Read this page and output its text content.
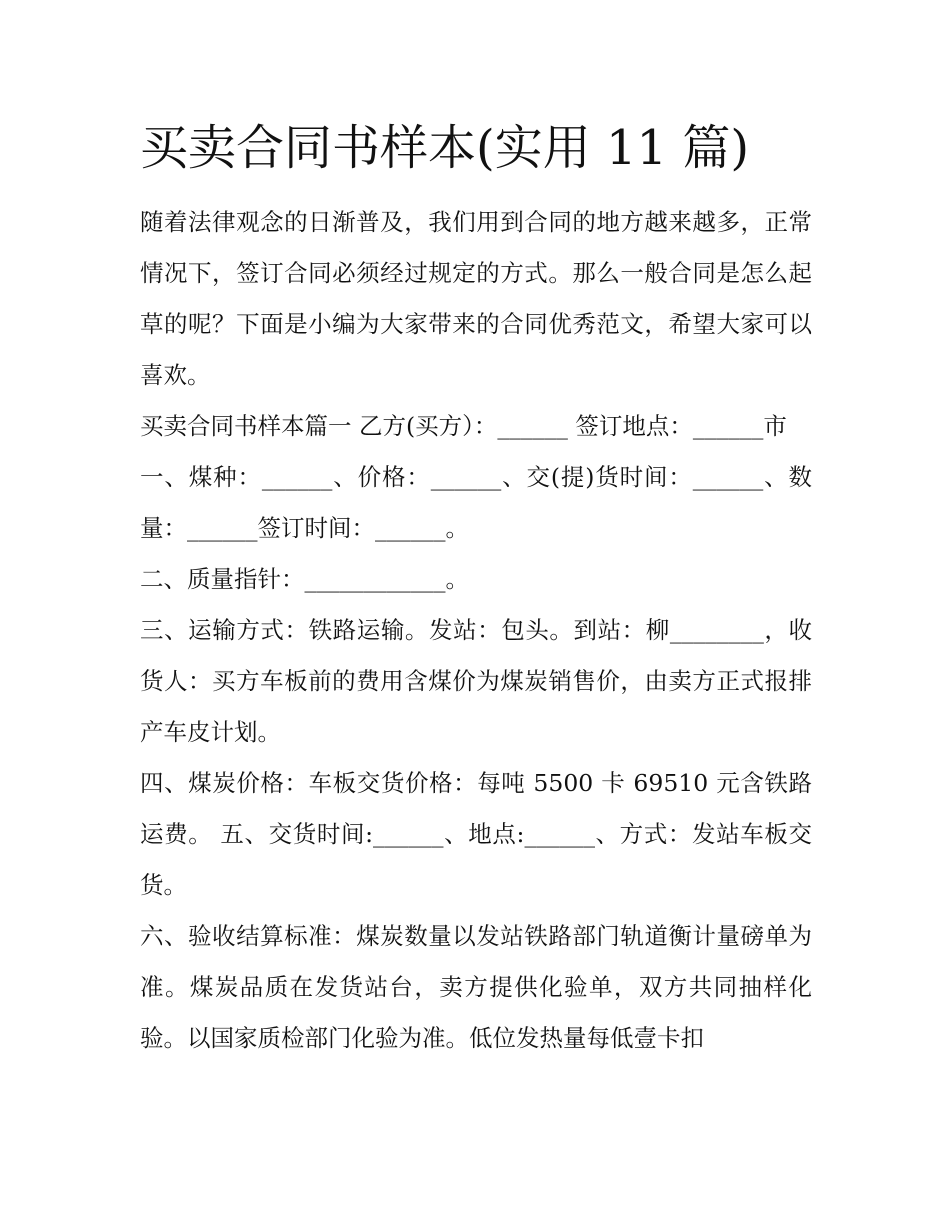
买卖合同书样本(实用 11 篇)

随着法律观念的日渐普及，我们用到合同的地方越来越多，正常情况下，签订合同必须经过规定的方式。那么一般合同是怎么起草的呢？下面是小编为大家带来的合同优秀范文，希望大家可以喜欢。

买卖合同书样本篇一 乙方(买方）：______ 签订地点：______市

一、煤种：______、价格：______、交(提)货时间：______、数量：______签订时间：______。

二、质量指针：____________。

三、运输方式：铁路运输。发站：包头。到站：柳________，收货人：买方车板前的费用含煤价为煤炭销售价，由卖方正式报排产车皮计划。

四、煤炭价格：车板交货价格：每吨 5500 卡 69510 元含铁路运费。 五、交货时间:______、地点:______、方式：发站车板交货。

六、验收结算标准：煤炭数量以发站铁路部门轨道衡计量磅单为准。煤炭品质在发货站台，卖方提供化验单，双方共同抽样化验。以国家质检部门化验为准。低位发热量每低壹卡扣
